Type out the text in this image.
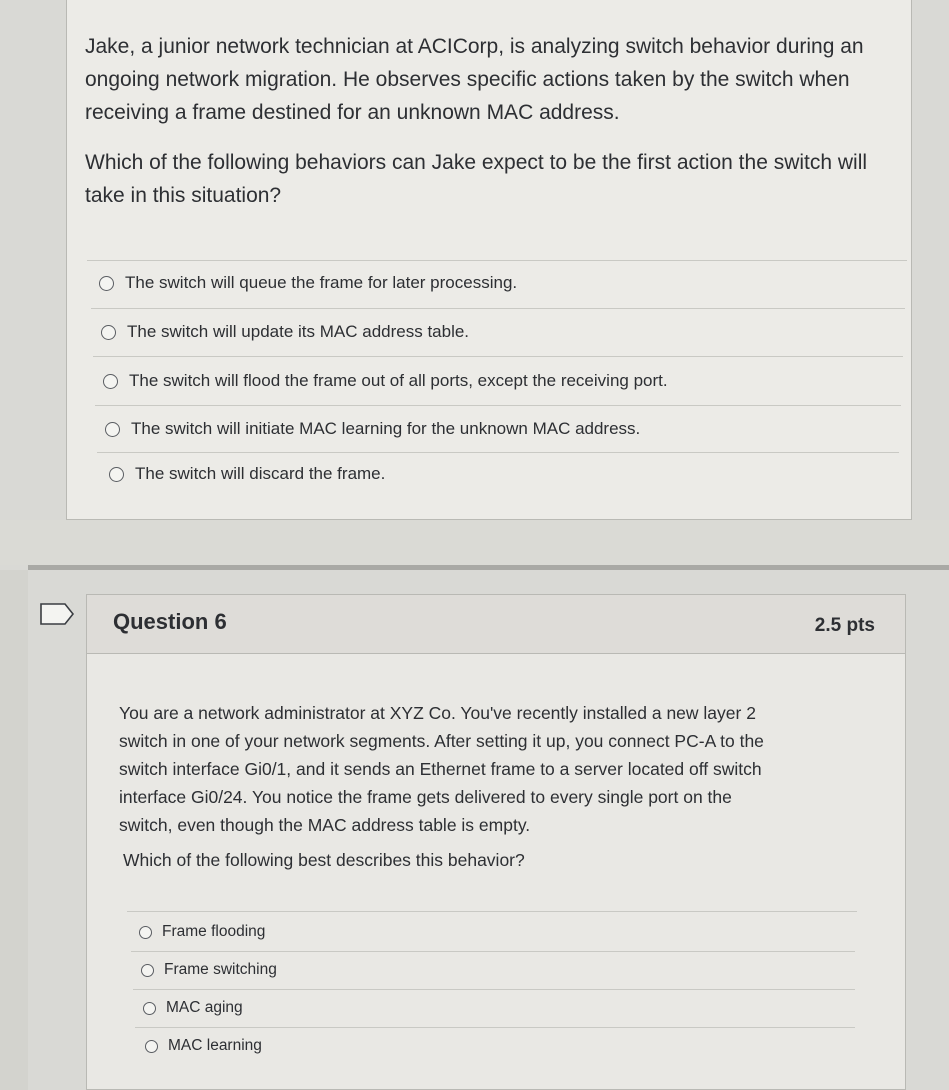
Jake, a junior network technician at ACICorp, is analyzing switch behavior during an

ongoing network migration. He observes specific actions taken by the switch when

receiving a frame destined for an unknown MAC address.

Which of the following behaviors can Jake expect to be the first action the switch will

take in this situation?

The switch will queue the frame for later processing.
The switch will update its MAC address table.
The switch will flood the frame out of all ports, except the receiving port.
The switch will initiate MAC learning for the unknown MAC address.
The switch will discard the frame.
Question 6	2.5 pts

You are a network administrator at XYZ Co. You've recently installed a new layer 2

switch in one of your network segments. After setting it up, you connect PC-A to the

switch interface Gi0/1, and it sends an Ethernet frame to a server located off switch

interface Gi0/24. You notice the frame gets delivered to every single port on the

switch, even though the MAC address table is empty.

Which of the following best describes this behavior?

Frame flooding
Frame switching
MAC aging
MAC learning
